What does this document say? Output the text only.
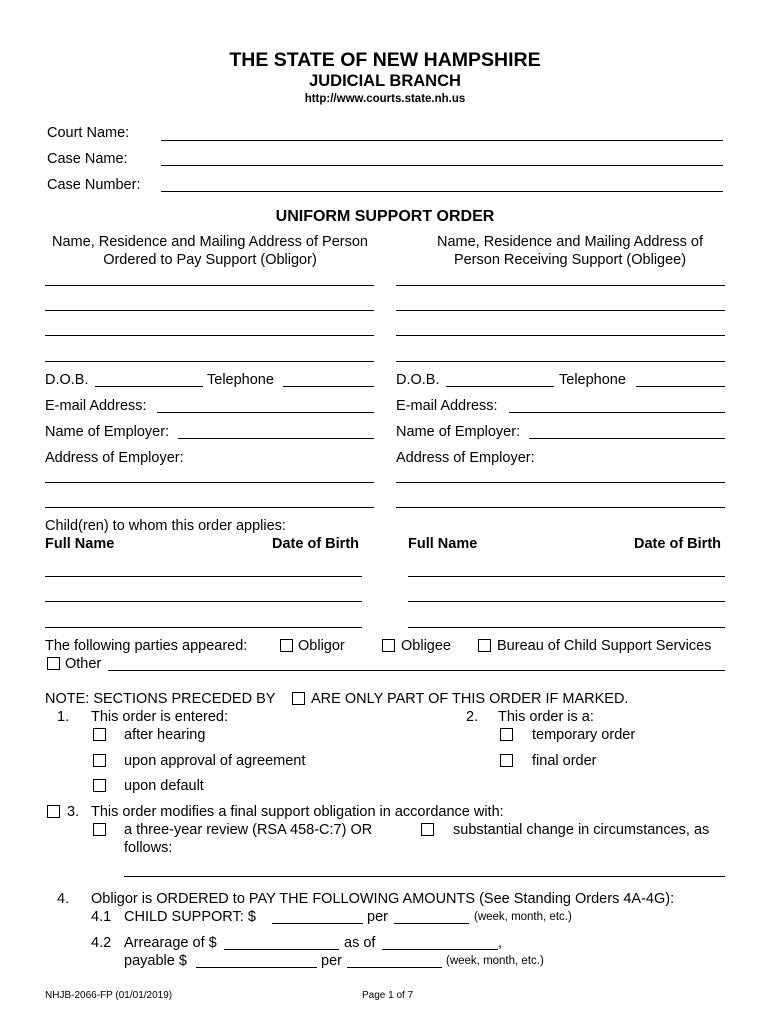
THE STATE OF NEW HAMPSHIRE
JUDICIAL BRANCH
http://www.courts.state.nh.us
Court Name:
Case Name:
Case Number:
UNIFORM SUPPORT ORDER
Name, Residence and Mailing Address of Person
Ordered to Pay Support (Obligor)
Name, Residence and Mailing Address of
Person Receiving Support (Obligee)
D.O.B.	Telephone
E-mail Address:
Name of Employer:
Address of Employer:
D.O.B.	Telephone
E-mail Address:
Name of Employer:
Address of Employer:
Child(ren) to whom this order applies:
Full Name	Date of Birth	Full Name	Date of Birth
The following parties appeared:	Obligor	Obligee	Bureau of Child Support Services
Other
NOTE: SECTIONS PRECEDED BY ARE ONLY PART OF THIS ORDER IF MARKED.
1. This order is entered:
after hearing
upon approval of agreement
upon default
2. This order is a:
temporary order
final order
3. This order modifies a final support obligation in accordance with:
a three-year review (RSA 458-C:7) OR	substantial change in circumstances, as
follows:
4. Obligor is ORDERED to PAY THE FOLLOWING AMOUNTS (See Standing Orders 4A-4G):
4.1 CHILD SUPPORT: $	per	(week, month, etc.)
4.2 Arrearage of $	as of	,
payable $	per	(week, month, etc.)
NHJB-2066-FP (01/01/2019)	Page 1 of 7
